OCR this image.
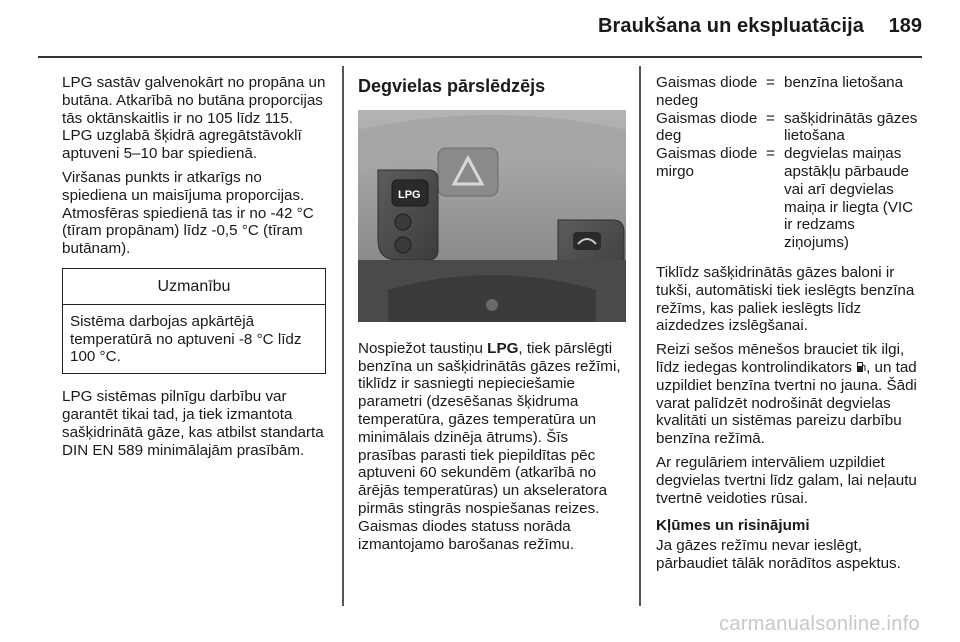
Braukšana un ekspluatācija 189

LPG sastāv galvenokārt no propāna un butāna. Atkarībā no butāna proporcijas tās oktānskaitlis ir no 105 līdz 115. LPG uzglabā šķidrā agregātstāvoklī aptuveni 5–10 bar spiedienā.

Viršanas punkts ir atkarīgs no spiediena un maisījuma proporcijas. Atmosfēras spiedienā tas ir no -42 °C (tīram propānam) līdz -0,5 °C (tīram butānam).

Uzmanību
Sistēma darbojas apkārtējā temperatūrā no aptuveni -8 °C līdz 100 °C.

LPG sistēmas pilnīgu darbību var garantēt tikai tad, ja tiek izmantota sašķidrinātā gāze, kas atbilst standarta DIN EN 589 minimālajām prasībām.

Degvielas pārslēdzējs
LPG

Nospiežot taustiņu LPG, tiek pārslēgti benzīna un sašķidrinātās gāzes režīmi, tiklīdz ir sasniegti nepieciešamie parametri (dzesēšanas šķidruma temperatūra, gāzes temperatūra un minimālais dzinēja ātrums). Šīs prasības parasti tiek piepildītas pēc aptuveni 60 sekundēm (atkarībā no ārējās temperatūras) un akseleratora pirmās stingrās nospiešanas reizes. Gaismas diodes statuss norāda izmantojamo barošanas režīmu.

Gaismas diode nedeg	=	benzīna lietošana
Gaismas diode deg	=	sašķidrinātās gāzes lietošana
Gaismas diode mirgo	=	degvielas maiņas apstākļu pārbaude vai arī degvielas maiņa ir liegta (VIC ir redzams ziņojums)

Tiklīdz sašķidrinātās gāzes baloni ir tukši, automātiski tiek ieslēgts benzīna režīms, kas paliek ieslēgts līdz aizdedzes izslēgšanai.

Reizi sešos mēnešos brauciet tik ilgi, līdz iedegas kontrolindikators , un tad uzpildiet benzīna tvertni no jauna. Šādi varat palīdzēt nodrošināt degvielas kvalitāti un sistēmas pareizu darbību benzīna režīmā.

Ar regulāriem intervāliem uzpildiet degvielas tvertni līdz galam, lai neļautu tvertnē veidoties rūsai.

Kļūmes un risinājumi

Ja gāzes režīmu nevar ieslēgt, pārbaudiet tālāk norādītos aspektus.

carmanualsonline.info
